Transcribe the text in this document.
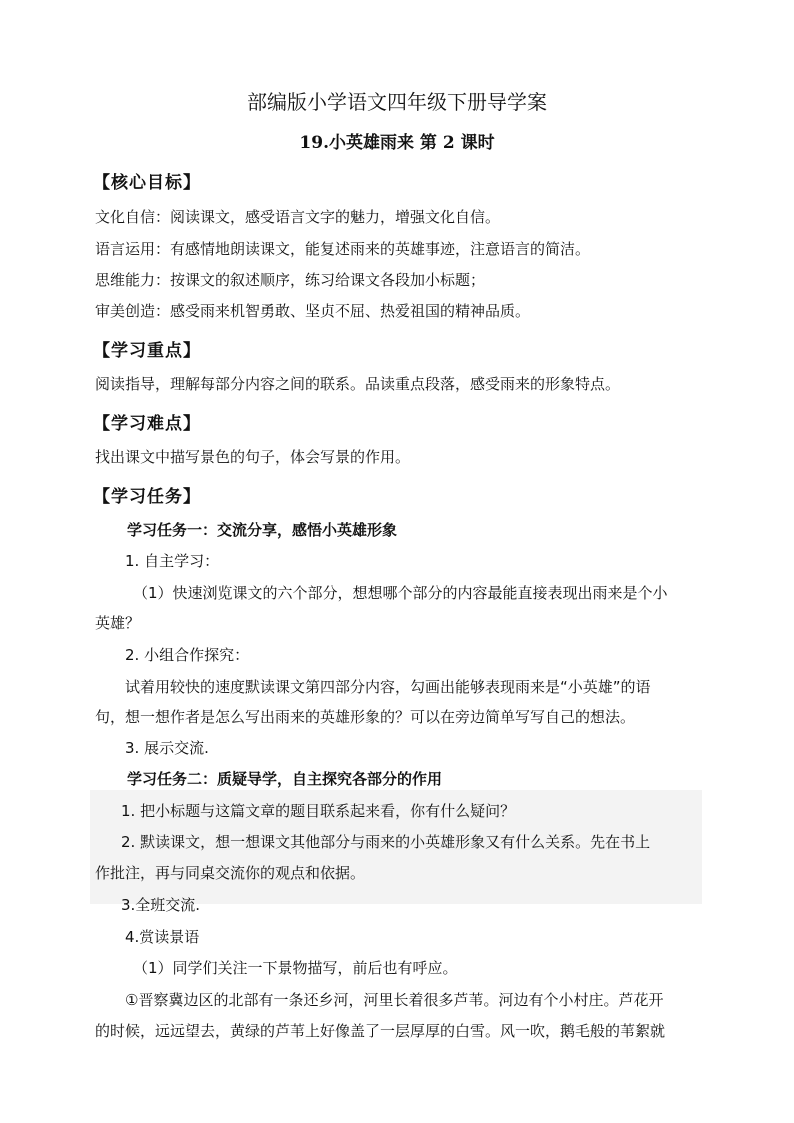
部编版小学语文四年级下册导学案
19.小英雄雨来 第 2 课时
【核心目标】
文化自信：阅读课文，感受语言文字的魅力，增强文化自信。
语言运用：有感情地朗读课文，能复述雨来的英雄事迹，注意语言的简洁。
思维能力：按课文的叙述顺序，练习给课文各段加小标题；
审美创造：感受雨来机智勇敢、坚贞不屈、热爱祖国的精神品质。
【学习重点】
阅读指导，理解每部分内容之间的联系。品读重点段落，感受雨来的形象特点。
【学习难点】
找出课文中描写景色的句子，体会写景的作用。
【学习任务】
学习任务一：交流分享，感悟小英雄形象
1. 自主学习：
（1）快速浏览课文的六个部分，想想哪个部分的内容最能直接表现出雨来是个小
英雄？
2. 小组合作探究：
试着用较快的速度默读课文第四部分内容，勾画出能够表现雨来是“小英雄”的语
句，想一想作者是怎么写出雨来的英雄形象的？可以在旁边简单写写自己的想法。
3. 展示交流.
学习任务二：质疑导学，自主探究各部分的作用
1. 把小标题与这篇文章的题目联系起来看，你有什么疑问？
2. 默读课文，想一想课文其他部分与雨来的小英雄形象又有什么关系。先在书上
作批注，再与同桌交流你的观点和依据。
3.全班交流.
4.赏读景语
（1）同学们关注一下景物描写，前后也有呼应。
①晋察冀边区的北部有一条还乡河，河里长着很多芦苇。河边有个小村庄。芦花开
的时候，远远望去，黄绿的芦苇上好像盖了一层厚厚的白雪。风一吹，鹅毛般的苇絮就
